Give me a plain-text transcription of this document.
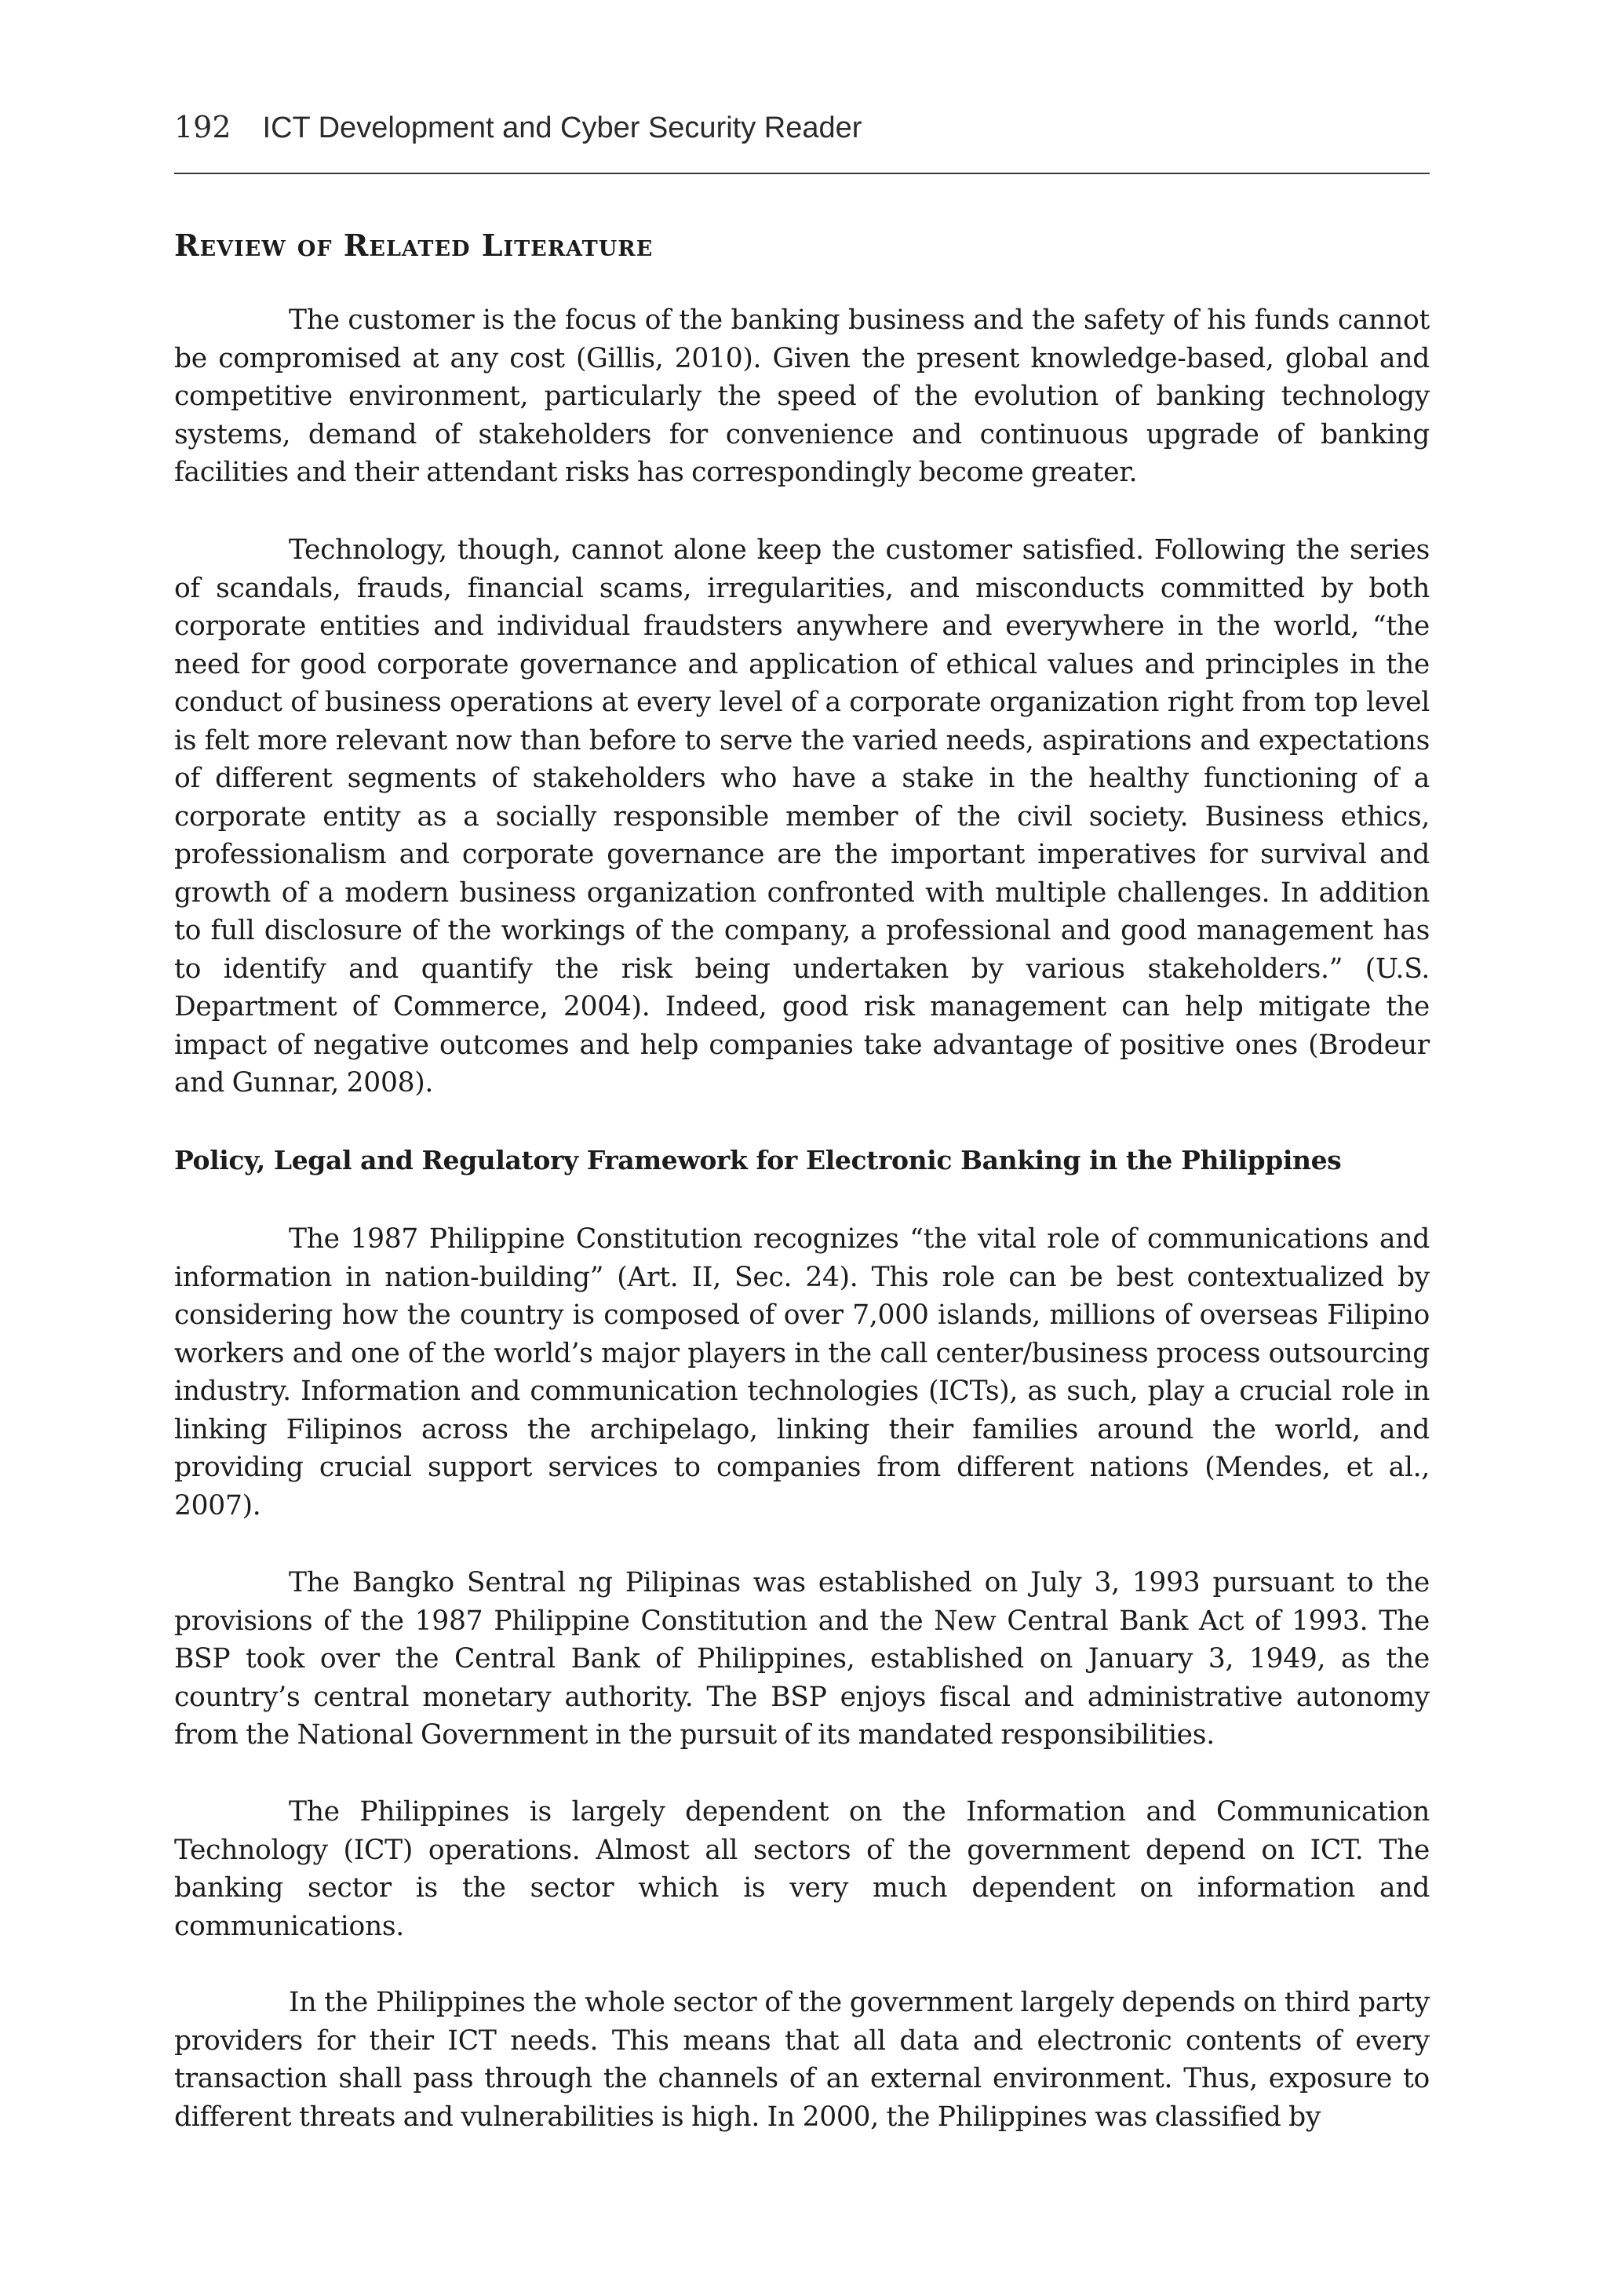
192 ICT Development and Cyber Security Reader
Review of Related Literature

The customer is the focus of the banking business and the safety of his funds cannot be compromised at any cost (Gillis, 2010). Given the present knowledge-based, global and competitive environment, particularly the speed of the evolution of banking technology systems, demand of stakeholders for convenience and continuous upgrade of banking facilities and their attendant risks has correspondingly become greater.

Technology, though, cannot alone keep the customer satisfied. Following the series of scandals, frauds, financial scams, irregularities, and misconducts committed by both corporate entities and individual fraudsters anywhere and everywhere in the world, “the need for good corporate governance and application of ethical values and principles in the conduct of business operations at every level of a corporate organization right from top level is felt more relevant now than before to serve the varied needs, aspirations and expectations of different segments of stakeholders who have a stake in the healthy functioning of a corporate entity as a socially responsible member of the civil society. Business ethics, professionalism and corporate governance are the important imperatives for survival and growth of a modern business organization confronted with multiple challenges. In addition to full disclosure of the workings of the company, a professional and good management has to identify and quantify the risk being undertaken by various stakeholders.” (U.S. Department of Commerce, 2004). Indeed, good risk management can help mitigate the impact of negative outcomes and help companies take advantage of positive ones (Brodeur and Gunnar, 2008).

Policy, Legal and Regulatory Framework for Electronic Banking in the Philippines

The 1987 Philippine Constitution recognizes “the vital role of communications and information in nation-building” (Art. II, Sec. 24). This role can be best contextualized by considering how the country is composed of over 7,000 islands, millions of overseas Filipino workers and one of the world’s major players in the call center/business process outsourcing industry. Information and communication technologies (ICTs), as such, play a crucial role in linking Filipinos across the archipelago, linking their families around the world, and providing crucial support services to companies from different nations (Mendes, et al., 2007).

The Bangko Sentral ng Pilipinas was established on July 3, 1993 pursuant to the provisions of the 1987 Philippine Constitution and the New Central Bank Act of 1993. The BSP took over the Central Bank of Philippines, established on January 3, 1949, as the country’s central monetary authority. The BSP enjoys fiscal and administrative autonomy from the National Government in the pursuit of its mandated responsibilities.

The Philippines is largely dependent on the Information and Communication Technology (ICT) operations. Almost all sectors of the government depend on ICT. The banking sector is the sector which is very much dependent on information and communications.

In the Philippines the whole sector of the government largely depends on third party providers for their ICT needs. This means that all data and electronic contents of every transaction shall pass through the channels of an external environment. Thus, exposure to different threats and vulnerabilities is high. In 2000, the Philippines was classified by
